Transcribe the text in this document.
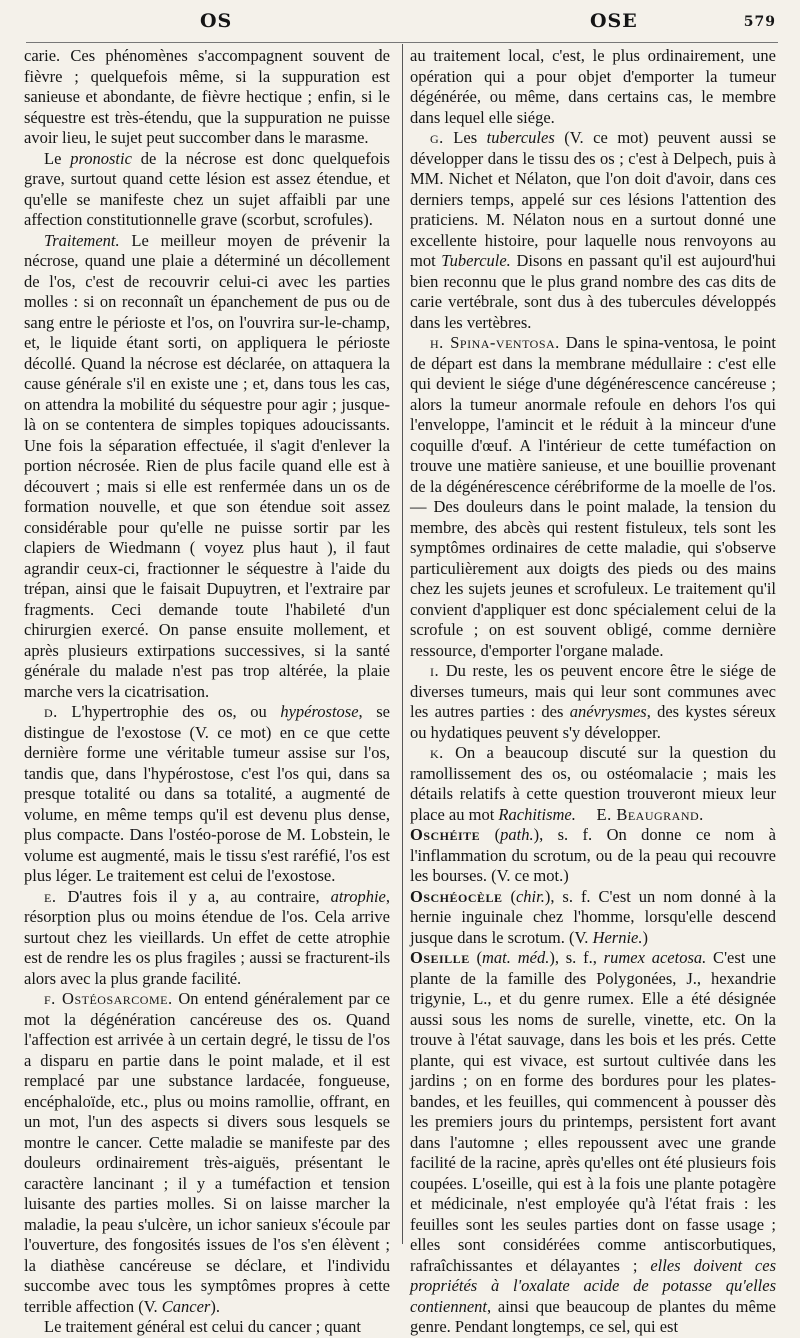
OS	OSE	579

carie. Ces phénomènes s'accompagnent souvent de fièvre ; quelquefois même, si la suppuration est sanieuse et abondante, de fièvre hectique ; enfin, si le séquestre est très-étendu, que la suppuration ne puisse avoir lieu, le sujet peut succomber dans le marasme.

Le pronostic de la nécrose est donc quelquefois grave, surtout quand cette lésion est assez étendue, et qu'elle se manifeste chez un sujet affaibli par une affection constitutionnelle grave (scorbut, scrofules).

Traitement. Le meilleur moyen de prévenir la nécrose, quand une plaie a déterminé un décollement de l'os, c'est de recouvrir celui-ci avec les parties molles : si on reconnaît un épanchement de pus ou de sang entre le périoste et l'os, on l'ouvrira sur-le-champ, et, le liquide étant sorti, on appliquera le périoste décollé. Quand la nécrose est déclarée, on attaquera la cause générale s'il en existe une ; et, dans tous les cas, on attendra la mobilité du séquestre pour agir ; jusque-là on se contentera de simples topiques adoucissants. Une fois la séparation effectuée, il s'agit d'enlever la portion nécrosée. Rien de plus facile quand elle est à découvert ; mais si elle est renfermée dans un os de formation nouvelle, et que son étendue soit assez considérable pour qu'elle ne puisse sortir par les clapiers de Wiedmann ( voyez plus haut ), il faut agrandir ceux-ci, fractionner le séquestre à l'aide du trépan, ainsi que le faisait Dupuytren, et l'extraire par fragments. Ceci demande toute l'habileté d'un chirurgien exercé. On panse ensuite mollement, et après plusieurs extirpations successives, si la santé générale du malade n'est pas trop altérée, la plaie marche vers la cicatrisation.

d. L'hypertrophie des os, ou hypérostose, se distingue de l'exostose (V. ce mot) en ce que cette dernière forme une véritable tumeur assise sur l'os, tandis que, dans l'hypérostose, c'est l'os qui, dans sa presque totalité ou dans sa totalité, a augmenté de volume, en même temps qu'il est devenu plus dense, plus compacte. Dans l'ostéo-porose de M. Lobstein, le volume est augmenté, mais le tissu s'est raréfié, l'os est plus léger. Le traitement est celui de l'exostose.

e. D'autres fois il y a, au contraire, atrophie, résorption plus ou moins étendue de l'os. Cela arrive surtout chez les vieillards. Un effet de cette atrophie est de rendre les os plus fragiles ; aussi se fracturent-ils alors avec la plus grande facilité.

f. Ostéosarcome. On entend généralement par ce mot la dégénération cancéreuse des os. Quand l'affection est arrivée à un certain degré, le tissu de l'os a disparu en partie dans le point malade, et il est remplacé par une substance lardacée, fongueuse, encéphaloïde, etc., plus ou moins ramollie, offrant, en un mot, l'un des aspects si divers sous lesquels se montre le cancer. Cette maladie se manifeste par des douleurs ordinairement très-aiguës, présentant le caractère lancinant ; il y a tuméfaction et tension luisante des parties molles. Si on laisse marcher la maladie, la peau s'ulcère, un ichor sanieux s'écoule par l'ouverture, des fongosités issues de l'os s'en élèvent ; la diathèse cancéreuse se déclare, et l'individu succombe avec tous les symptômes propres à cette terrible affection (V. Cancer).

Le traitement général est celui du cancer ; quant

au traitement local, c'est, le plus ordinairement, une opération qui a pour objet d'emporter la tumeur dégénérée, ou même, dans certains cas, le membre dans lequel elle siége.

g. Les tubercules (V. ce mot) peuvent aussi se développer dans le tissu des os ; c'est à Delpech, puis à MM. Nichet et Nélaton, que l'on doit d'avoir, dans ces derniers temps, appelé sur ces lésions l'attention des praticiens. M. Nélaton nous en a surtout donné une excellente histoire, pour laquelle nous renvoyons au mot Tubercule. Disons en passant qu'il est aujourd'hui bien reconnu que le plus grand nombre des cas dits de carie vertébrale, sont dus à des tubercules développés dans les vertèbres.

h. Spina-ventosa. Dans le spina-ventosa, le point de départ est dans la membrane médullaire : c'est elle qui devient le siége d'une dégénérescence cancéreuse ; alors la tumeur anormale refoule en dehors l'os qui l'enveloppe, l'amincit et le réduit à la minceur d'une coquille d'œuf. A l'intérieur de cette tuméfaction on trouve une matière sanieuse, et une bouillie provenant de la dégénérescence cérébriforme de la moelle de l'os. — Des douleurs dans le point malade, la tension du membre, des abcès qui restent fistuleux, tels sont les symptômes ordinaires de cette maladie, qui s'observe particulièrement aux doigts des pieds ou des mains chez les sujets jeunes et scrofuleux. Le traitement qu'il convient d'appliquer est donc spécialement celui de la scrofule ; on est souvent obligé, comme dernière ressource, d'emporter l'organe malade.

i. Du reste, les os peuvent encore être le siége de diverses tumeurs, mais qui leur sont communes avec les autres parties : des anévrysmes, des kystes séreux ou hydatiques peuvent s'y développer.

k. On a beaucoup discuté sur la question du ramollissement des os, ou ostéomalacie ; mais les détails relatifs à cette question trouveront mieux leur place au mot Rachitisme. E. Beaugrand.

Oschéite (path.), s. f. On donne ce nom à l'inflammation du scrotum, ou de la peau qui recouvre les bourses. (V. ce mot.)

Oschéocèle (chir.), s. f. C'est un nom donné à la hernie inguinale chez l'homme, lorsqu'elle descend jusque dans le scrotum. (V. Hernie.)

Oseille (mat. méd.), s. f., rumex acetosa. C'est une plante de la famille des Polygonées, J., hexandrie trigynie, L., et du genre rumex. Elle a été désignée aussi sous les noms de surelle, vinette, etc. On la trouve à l'état sauvage, dans les bois et les prés. Cette plante, qui est vivace, est surtout cultivée dans les jardins ; on en forme des bordures pour les plates-bandes, et les feuilles, qui commencent à pousser dès les premiers jours du printemps, persistent fort avant dans l'automne ; elles repoussent avec une grande facilité de la racine, après qu'elles ont été plusieurs fois coupées. L'oseille, qui est à la fois une plante potagère et médicinale, n'est employée qu'à l'état frais : les feuilles sont les seules parties dont on fasse usage ; elles sont considérées comme antiscorbutiques, rafraîchissantes et délayantes ; elles doivent ces propriétés à l'oxalate acide de potasse qu'elles contiennent, ainsi que beaucoup de plantes du même genre. Pendant longtemps, ce sel, qui est
